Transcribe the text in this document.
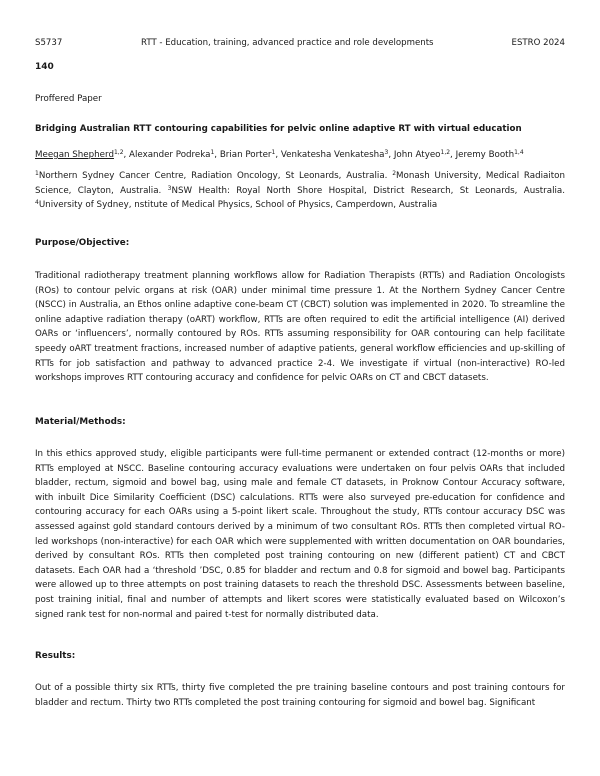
S5737	RTT - Education, training, advanced practice and role developments	ESTRO 2024
140
Proffered Paper
Bridging Australian RTT contouring capabilities for pelvic online adaptive RT with virtual education
Meegan Shepherd$^{1,2}$, Alexander Podreka$^1$, Brian Porter$^1$, Venkatesha Venkatesha$^3$, John Atyeo$^{1,2}$, Jeremy Booth$^{1,4}$
$^1$Northern Sydney Cancer Centre, Radiation Oncology, St Leonards, Australia. $^2$Monash University, Medical Radiaiton Science, Clayton, Australia. $^3$NSW Health: Royal North Shore Hospital, District Research, St Leonards, Australia. $^4$University of Sydney, nstitute of Medical Physics, School of Physics, Camperdown, Australia
Purpose/Objective:
Traditional radiotherapy treatment planning workflows allow for Radiation Therapists (RTTs) and Radiation Oncologists (ROs) to contour pelvic organs at risk (OAR) under minimal time pressure 1. At the Northern Sydney Cancer Centre (NSCC) in Australia, an Ethos online adaptive cone-beam CT (CBCT) solution was implemented in 2020. To streamline the online adaptive radiation therapy (oART) workflow, RTTs are often required to edit the artificial intelligence (AI) derived OARs or ‘influencers’, normally contoured by ROs. RTTs assuming responsibility for OAR contouring can help facilitate speedy oART treatment fractions, increased number of adaptive patients, general workflow efficiencies and up-skilling of RTTs for job satisfaction and pathway to advanced practice 2-4. We investigate if virtual (non-interactive) RO-led workshops improves RTT contouring accuracy and confidence for pelvic OARs on CT and CBCT datasets.
Material/Methods:
In this ethics approved study, eligible participants were full-time permanent or extended contract (12-months or more) RTTs employed at NSCC. Baseline contouring accuracy evaluations were undertaken on four pelvis OARs that included bladder, rectum, sigmoid and bowel bag, using male and female CT datasets, in Proknow Contour Accuracy software, with inbuilt Dice Similarity Coefficient (DSC) calculations. RTTs were also surveyed pre-education for confidence and contouring accuracy for each OARs using a 5-point likert scale. Throughout the study, RTTs contour accuracy DSC was assessed against gold standard contours derived by a minimum of two consultant ROs. RTTs then completed virtual RO-led workshops (non-interactive) for each OAR which were supplemented with written documentation on OAR boundaries, derived by consultant ROs. RTTs then completed post training contouring on new (different patient) CT and CBCT datasets. Each OAR had a ‘threshold ’DSC, 0.85 for bladder and rectum and 0.8 for sigmoid and bowel bag. Participants were allowed up to three attempts on post training datasets to reach the threshold DSC. Assessments between baseline, post training initial, final and number of attempts and likert scores were statistically evaluated based on Wilcoxon’s signed rank test for non-normal and paired t-test for normally distributed data.
Results:
Out of a possible thirty six RTTs, thirty five completed the pre training baseline contours and post training contours for bladder and rectum. Thirty two RTTs completed the post training contouring for sigmoid and bowel bag. Significant
